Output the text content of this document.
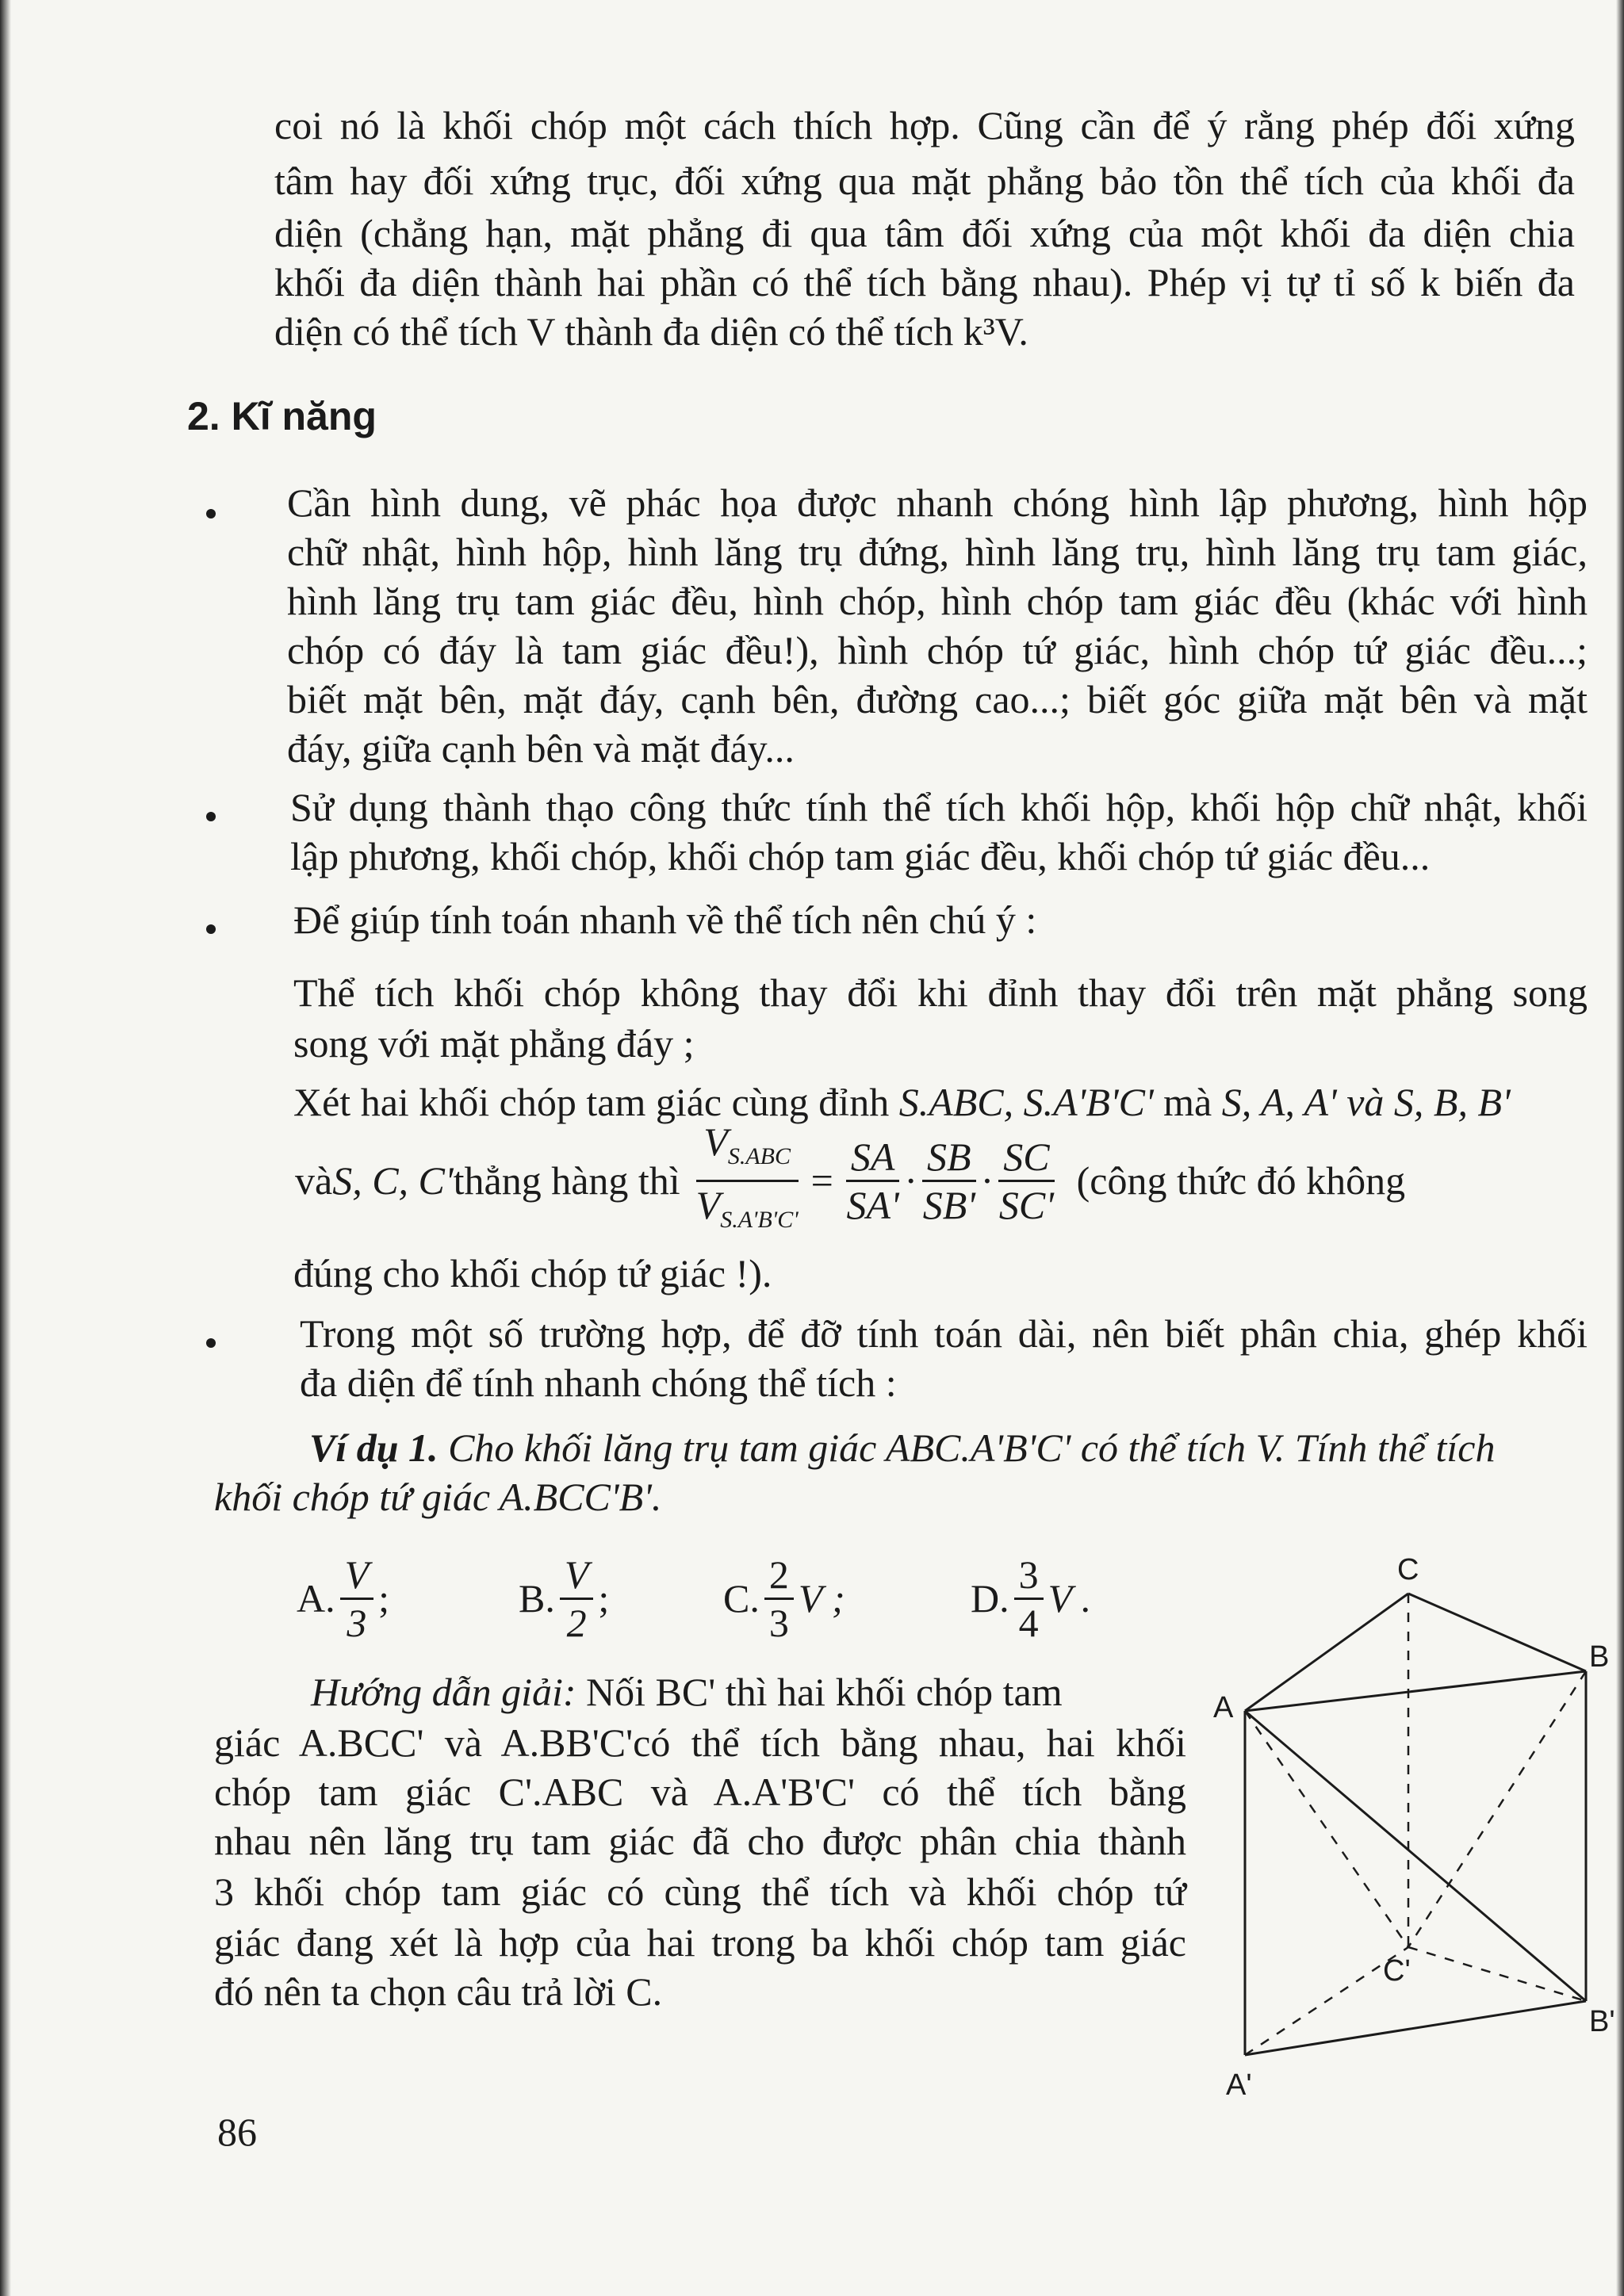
coi nó là khối chóp một cách thích hợp. Cũng cần để ý rằng phép đối xứng
tâm hay đối xứng trục, đối xứng qua mặt phẳng bảo tồn thể tích của khối đa
diện (chẳng hạn, mặt phẳng đi qua tâm đối xứng của một khối đa diện chia
khối đa diện thành hai phần có thể tích bằng nhau). Phép vị tự tỉ số k biến đa
diện có thể tích V thành đa diện có thể tích k³V.
2. Kĩ năng
Cần hình dung, vẽ phác họa được nhanh chóng hình lập phương, hình hộp
chữ nhật, hình hộp, hình lăng trụ đứng, hình lăng trụ, hình lăng trụ tam giác,
hình lăng trụ tam giác đều, hình chóp, hình chóp tam giác đều (khác với hình
chóp có đáy là tam giác đều!), hình chóp tứ giác, hình chóp tứ giác đều...;
biết mặt bên, mặt đáy, cạnh bên, đường cao...; biết góc giữa mặt bên và mặt
đáy, giữa cạnh bên và mặt đáy...
Sử dụng thành thạo công thức tính thể tích khối hộp, khối hộp chữ nhật, khối
lập phương, khối chóp, khối chóp tam giác đều, khối chóp tứ giác đều...
Để giúp tính toán nhanh về thể tích nên chú ý :
Thể tích khối chóp không thay đổi khi đỉnh thay đổi trên mặt phẳng song
song với mặt phẳng đáy ;
Xét hai khối chóp tam giác cùng đỉnh S.ABC, S.A'B'C' mà S, A, A' và S, B, B'
và S, C, C' thẳng hàng thì $\frac{V_{S.ABC}}{V_{S.A'B'C'}} = \frac{SA}{SA'} \cdot \frac{SB}{SB'} \cdot \frac{SC}{SC'}$ (công thức đó không
đúng cho khối chóp tứ giác !).
Trong một số trường hợp, để đỡ tính toán dài, nên biết phân chia, ghép khối
đa diện để tính nhanh chóng thể tích :
Ví dụ 1. Cho khối lăng trụ tam giác ABC.A'B'C' có thể tích V. Tính thể tích
khối chóp tứ giác A.BCC'B'.
A. $\frac{V}{3}$ ;	B. $\frac{V}{2}$ ;	C. $\frac{2}{3}$ V ;	D. $\frac{3}{4}$ V .
Hướng dẫn giải: Nối BC' thì hai khối chóp tam
giác A.BCC' và A.BB'C'có thể tích bằng nhau, hai khối
chóp tam giác C'.ABC và A.A'B'C' có thể tích bằng
nhau nên lăng trụ tam giác đã cho được phân chia thành
3 khối chóp tam giác có cùng thể tích và khối chóp tứ
giác đang xét là hợp của hai trong ba khối chóp tam giác
đó nên ta chọn câu trả lời C.
C
B
A
C'
B'
A'
86
